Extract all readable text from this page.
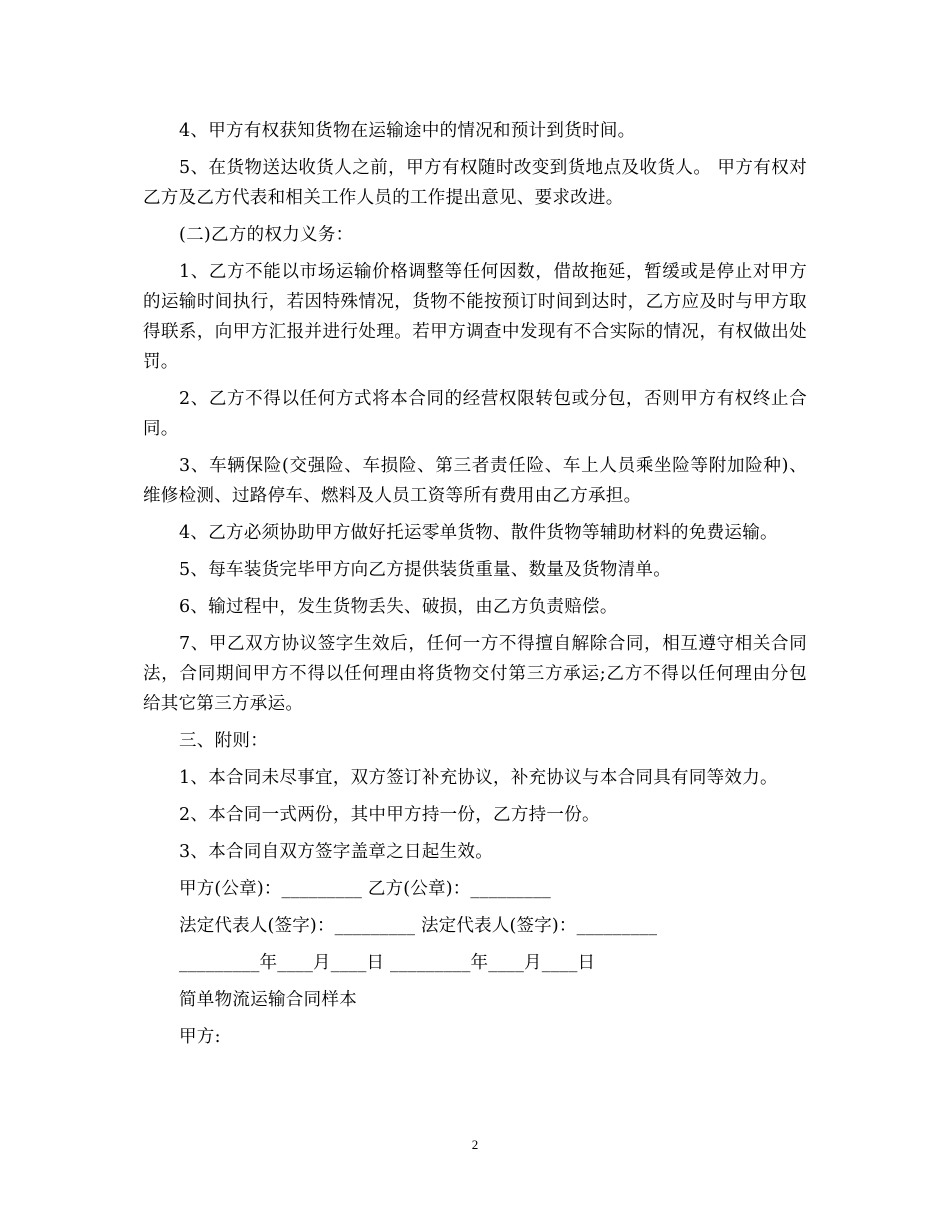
4、甲方有权获知货物在运输途中的情况和预计到货时间。

5、在货物送达收货人之前，甲方有权随时改变到货地点及收货人。 甲方有权对乙方及乙方代表和相关工作人员的工作提出意见、要求改进。

(二)乙方的权力义务：

1、乙方不能以市场运输价格调整等任何因数，借故拖延，暂缓或是停止对甲方的运输时间执行，若因特殊情况，货物不能按预订时间到达时，乙方应及时与甲方取得联系，向甲方汇报并进行处理。若甲方调查中发现有不合实际的情况，有权做出处罚。

2、乙方不得以任何方式将本合同的经营权限转包或分包，否则甲方有权终止合同。

3、车辆保险(交强险、车损险、第三者责任险、车上人员乘坐险等附加险种)、维修检测、过路停车、燃料及人员工资等所有费用由乙方承担。

4、乙方必须协助甲方做好托运零单货物、散件货物等辅助材料的免费运输。

5、每车装货完毕甲方向乙方提供装货重量、数量及货物清单。

6、输过程中，发生货物丢失、破损，由乙方负责赔偿。

7、甲乙双方协议签字生效后，任何一方不得擅自解除合同，相互遵守相关合同法，合同期间甲方不得以任何理由将货物交付第三方承运;乙方不得以任何理由分包给其它第三方承运。

三、附则：

1、本合同未尽事宜，双方签订补充协议，补充协议与本合同具有同等效力。

2、本合同一式两份，其中甲方持一份，乙方持一份。

3、本合同自双方签字盖章之日起生效。

甲方(公章)：_________ 乙方(公章)：_________

法定代表人(签字)：_________ 法定代表人(签字)：_________

_________年____月____日 _________年____月____日

简单物流运输合同样本

甲方:

2
